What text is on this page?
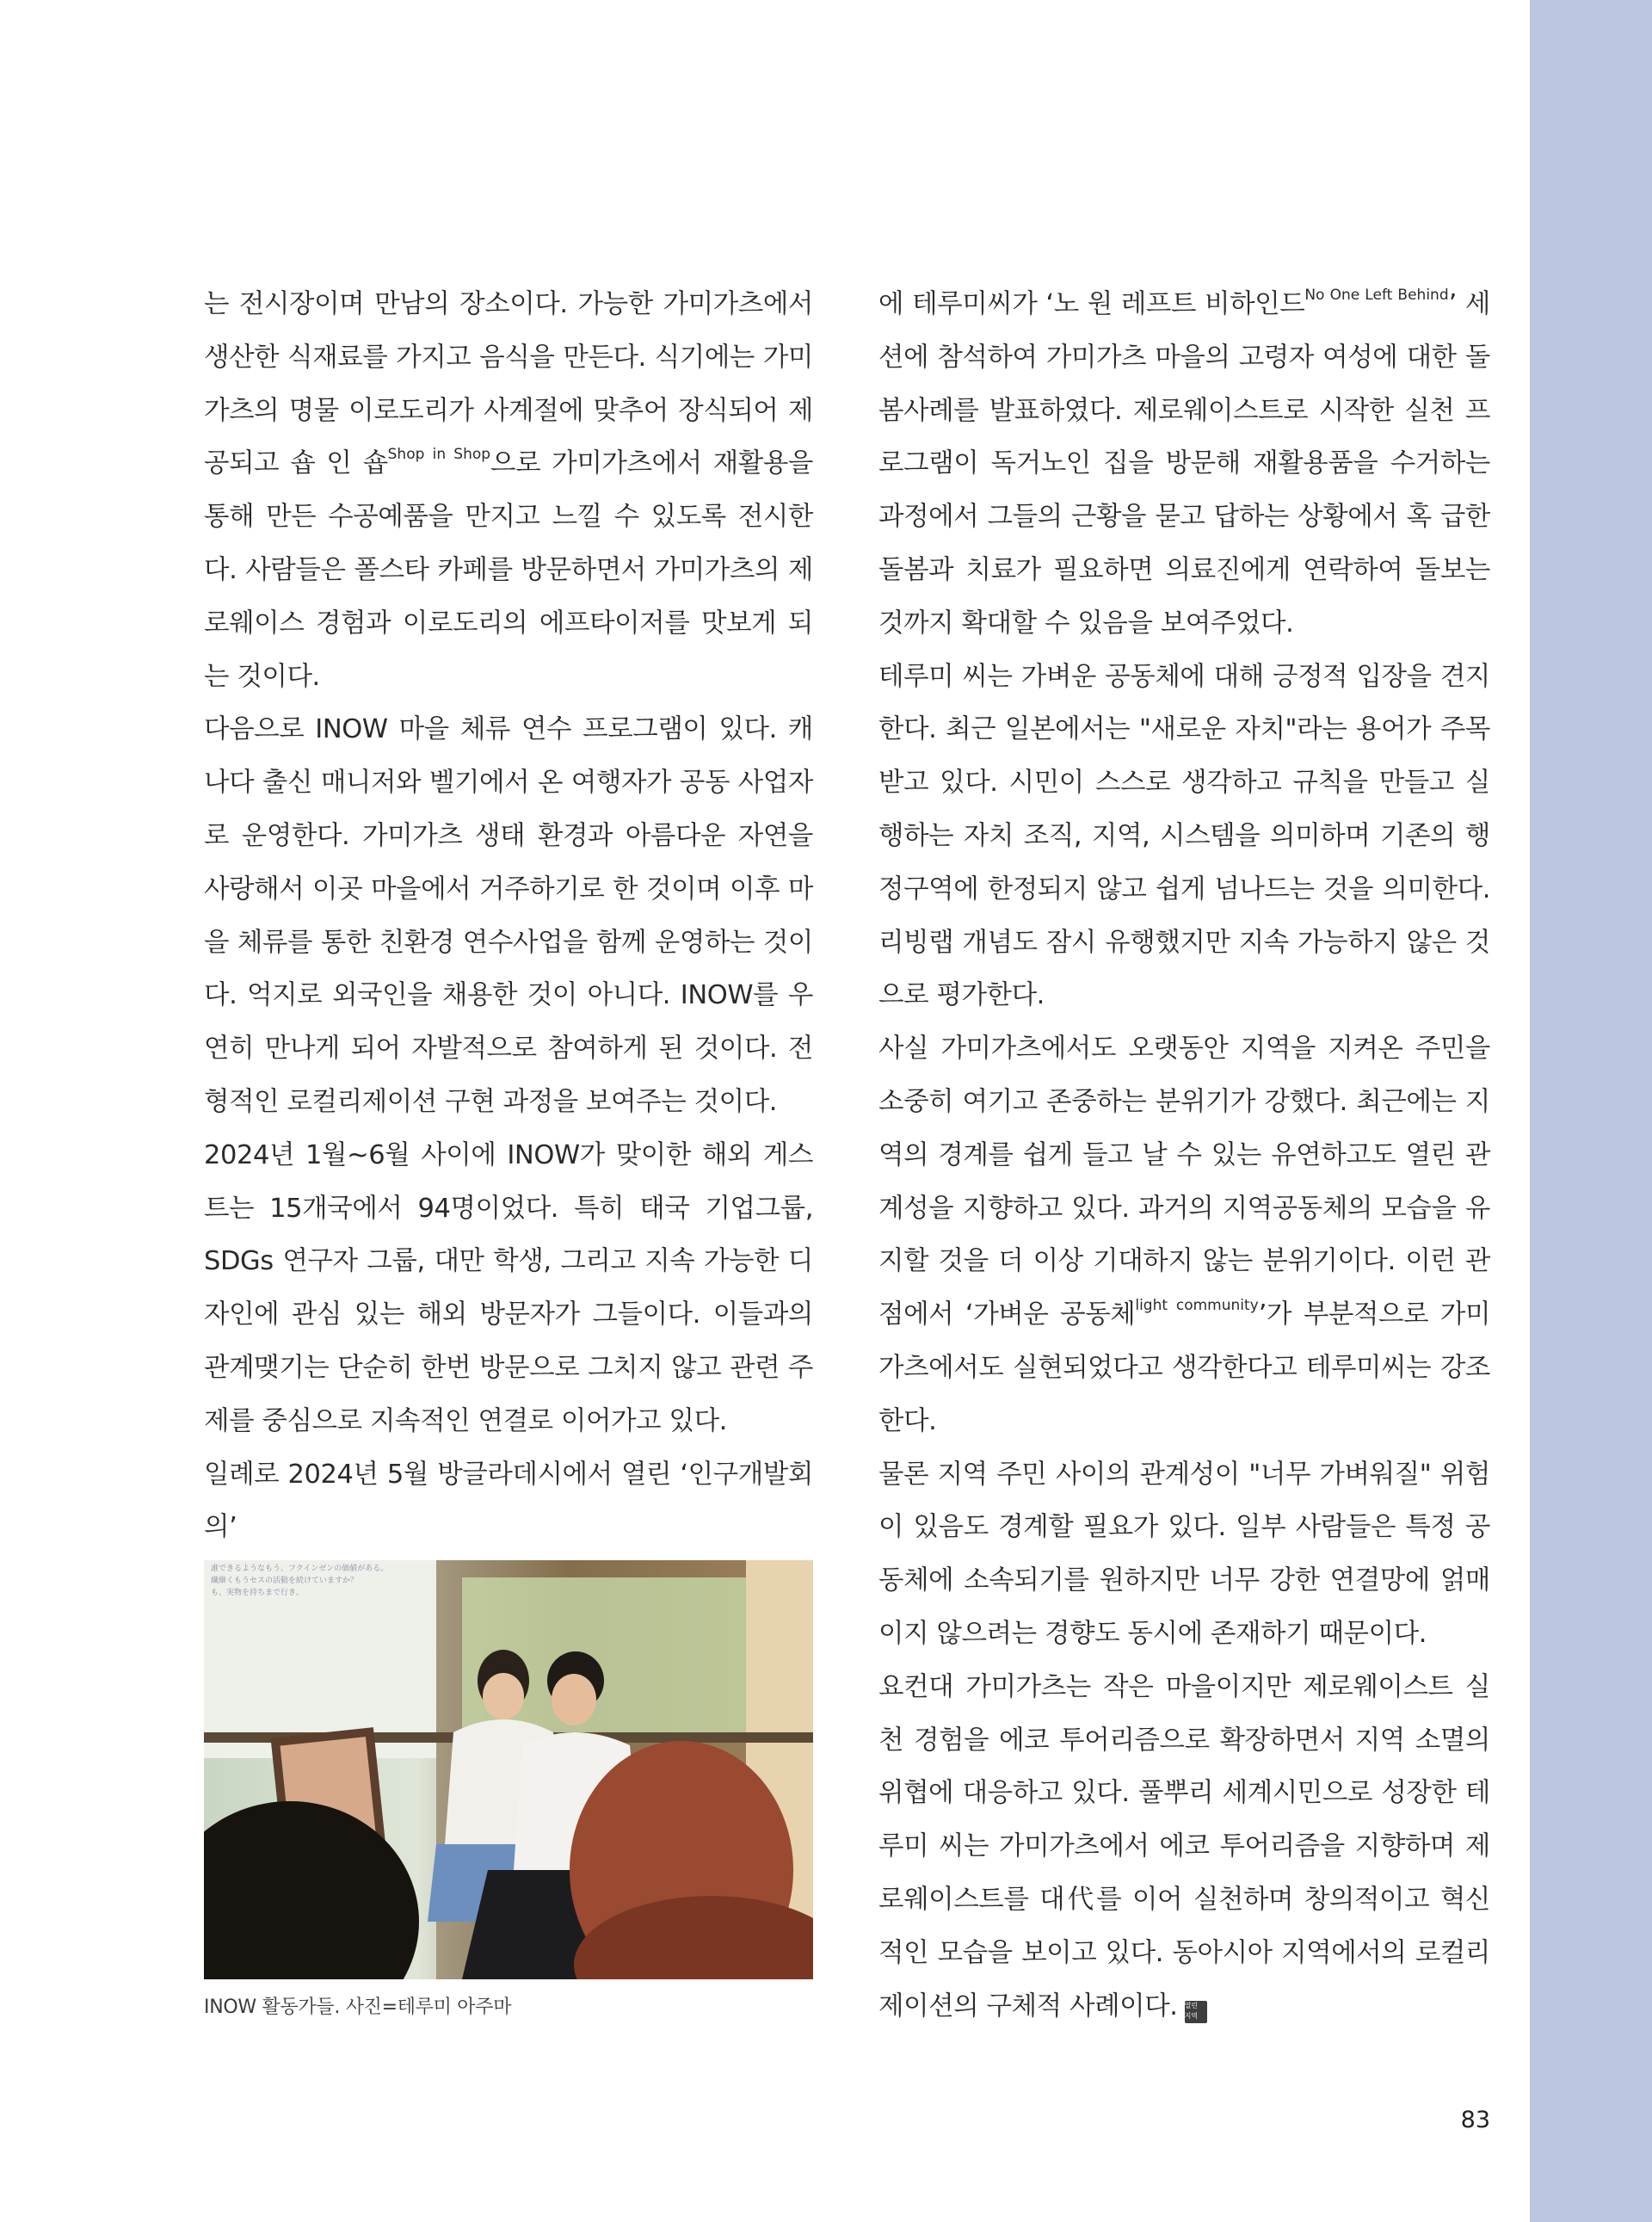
는 전시장이며 만남의 장소이다. 가능한 가미가츠에서 생산한 식재료를 가지고 음식을 만든다. 식기에는 가미가츠의 명물 이로도리가 사계절에 맞추어 장식되어 제공되고 숍 인 숍$^{Shop in Shop}$으로 가미가츠에서 재활용을 통해 만든 수공예품을 만지고 느낄 수 있도록 전시한다. 사람들은 폴스타 카페를 방문하면서 가미가츠의 제로웨이스 경험과 이로도리의 에프타이저를 맛보게 되는 것이다.

다음으로 INOW 마을 체류 연수 프로그램이 있다. 캐나다 출신 매니저와 벨기에서 온 여행자가 공동 사업자로 운영한다. 가미가츠 생태 환경과 아름다운 자연을 사랑해서 이곳 마을에서 거주하기로 한 것이며 이후 마을 체류를 통한 친환경 연수사업을 함께 운영하는 것이다. 억지로 외국인을 채용한 것이 아니다. INOW를 우연히 만나게 되어 자발적으로 참여하게 된 것이다. 전형적인 로컬리제이션 구현 과정을 보여주는 것이다.

2024년 1월~6월 사이에 INOW가 맞이한 해외 게스트는 15개국에서 94명이었다. 특히 태국 기업그룹, SDGs 연구자 그룹, 대만 학생, 그리고 지속 가능한 디자인에 관심 있는 해외 방문자가 그들이다. 이들과의 관계맺기는 단순히 한번 방문으로 그치지 않고 관련 주제를 중심으로 지속적인 연결로 이어가고 있다.

일례로 2024년 5월 방글라데시에서 열린 ‘인구개발회의’

에 테루미씨가 ‘노 원 레프트 비하인드$^{No One Left Behind}$’ 세션에 참석하여 가미가츠 마을의 고령자 여성에 대한 돌봄사례를 발표하였다. 제로웨이스트로 시작한 실천 프로그램이 독거노인 집을 방문해 재활용품을 수거하는 과정에서 그들의 근황을 묻고 답하는 상황에서 혹 급한 돌봄과 치료가 필요하면 의료진에게 연락하여 돌보는 것까지 확대할 수 있음을 보여주었다.

테루미 씨는 가벼운 공동체에 대해 긍정적 입장을 견지한다. 최근 일본에서는 "새로운 자치"라는 용어가 주목받고 있다. 시민이 스스로 생각하고 규칙을 만들고 실행하는 자치 조직, 지역, 시스템을 의미하며 기존의 행정구역에 한정되지 않고 쉽게 넘나드는 것을 의미한다. 리빙랩 개념도 잠시 유행했지만 지속 가능하지 않은 것으로 평가한다.

사실 가미가츠에서도 오랫동안 지역을 지켜온 주민을 소중히 여기고 존중하는 분위기가 강했다. 최근에는 지역의 경계를 쉽게 들고 날 수 있는 유연하고도 열린 관계성을 지향하고 있다. 과거의 지역공동체의 모습을 유지할 것을 더 이상 기대하지 않는 분위기이다. 이런 관점에서 ‘가벼운 공동체$^{light community}$’가 부분적으로 가미가츠에서도 실현되었다고 생각한다고 테루미씨는 강조한다.

물론 지역 주민 사이의 관계성이 "너무 가벼워질" 위험이 있음도 경계할 필요가 있다. 일부 사람들은 특정 공동체에 소속되기를 원하지만 너무 강한 연결망에 얽매이지 않으려는 경향도 동시에 존재하기 때문이다.

요컨대 가미가츠는 작은 마을이지만 제로웨이스트 실천 경험을 에코 투어리즘으로 확장하면서 지역 소멸의 위협에 대응하고 있다. 풀뿌리 세계시민으로 성장한 테루미 씨는 가미가츠에서 에코 투어리즘을 지향하며 제로웨이스트를 대代를 이어 실천하며 창의적이고 혁신적인 모습을 보이고 있다. 동아시아 지역에서의 로컬리제이션의 구체적 사례이다. 열린
지역

誰できるようなもう、フクインゼンの価値がある。
繊維くもうセスの活動を続けていますか？
も、実物を持ちまで行き。
INOW 활동가들. 사진=테루미 아주마
83
